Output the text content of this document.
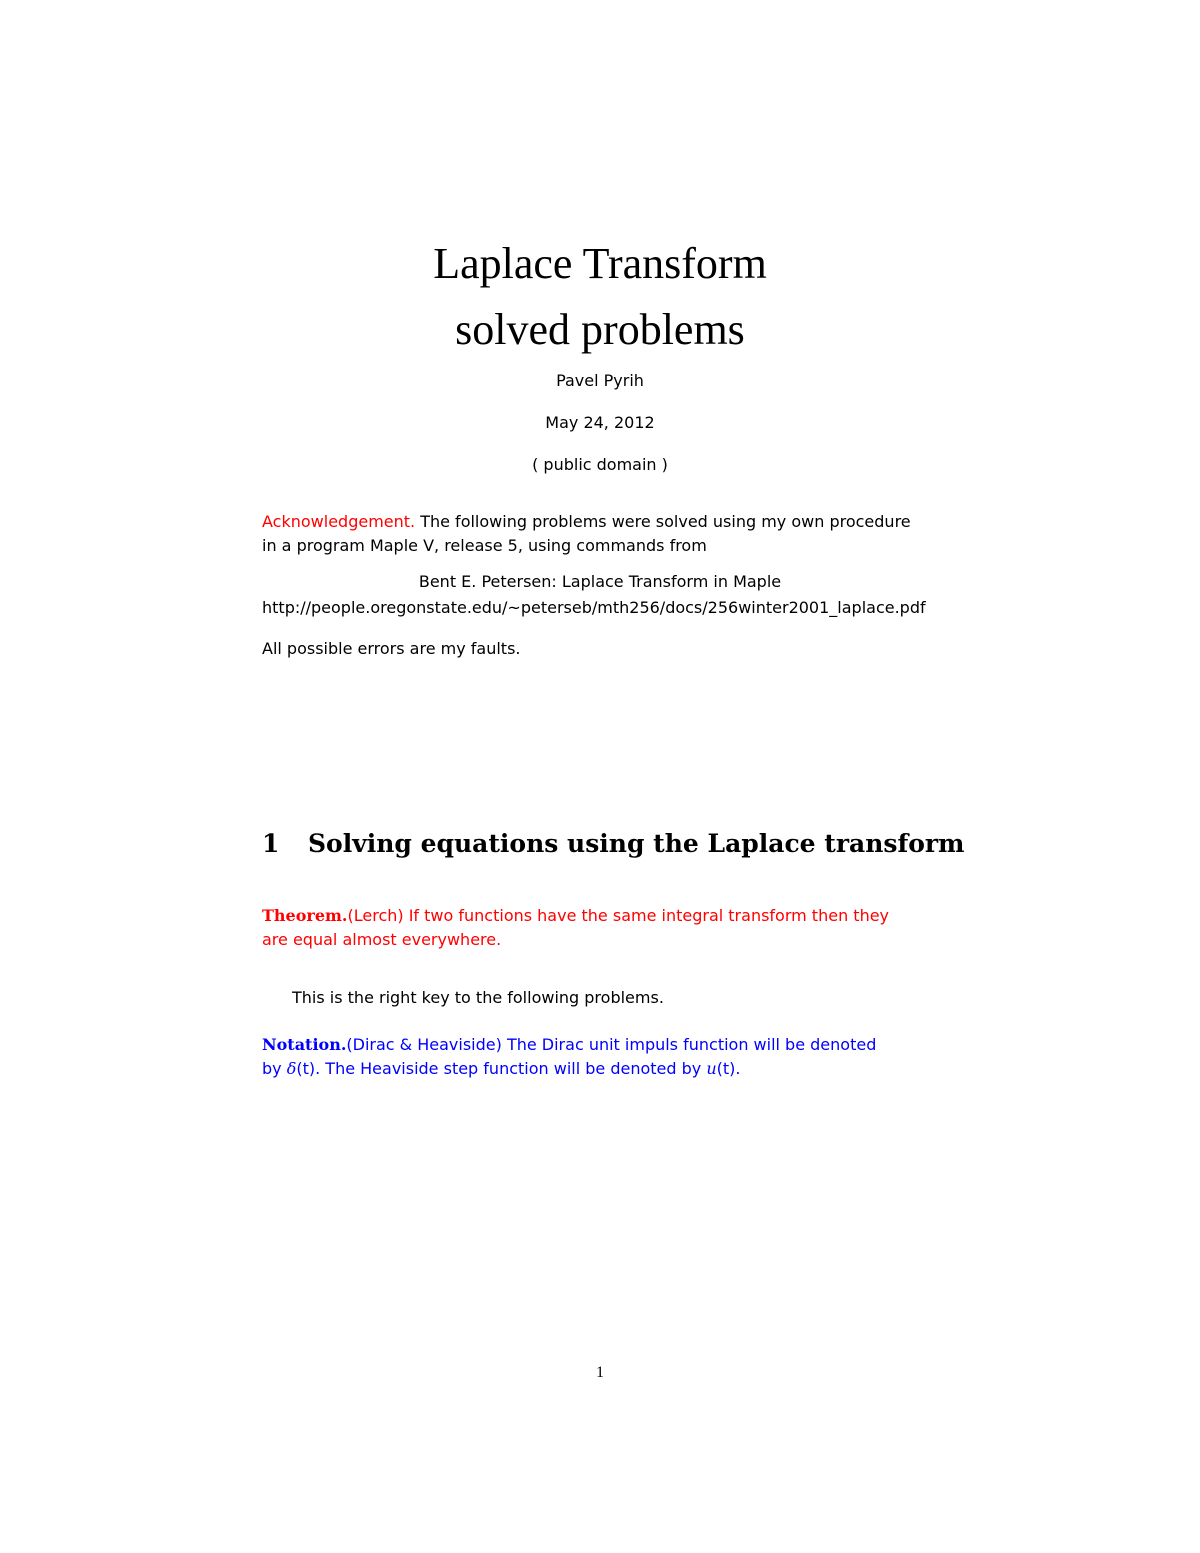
Laplace Transform
solved problems
Pavel Pyrih
May 24, 2012
( public domain )
Acknowledgement. The following problems were solved using my own procedure
in a program Maple V, release 5, using commands from
Bent E. Petersen: Laplace Transform in Maple
http://people.oregonstate.edu/~peterseb/mth256/docs/256winter2001_laplace.pdf
All possible errors are my faults.
1 Solving equations using the Laplace transform
Theorem.(Lerch) If two functions have the same integral transform then they
are equal almost everywhere.
This is the right key to the following problems.
Notation.(Dirac & Heaviside) The Dirac unit impuls function will be denoted
by δ(t). The Heaviside step function will be denoted by u(t).
1
